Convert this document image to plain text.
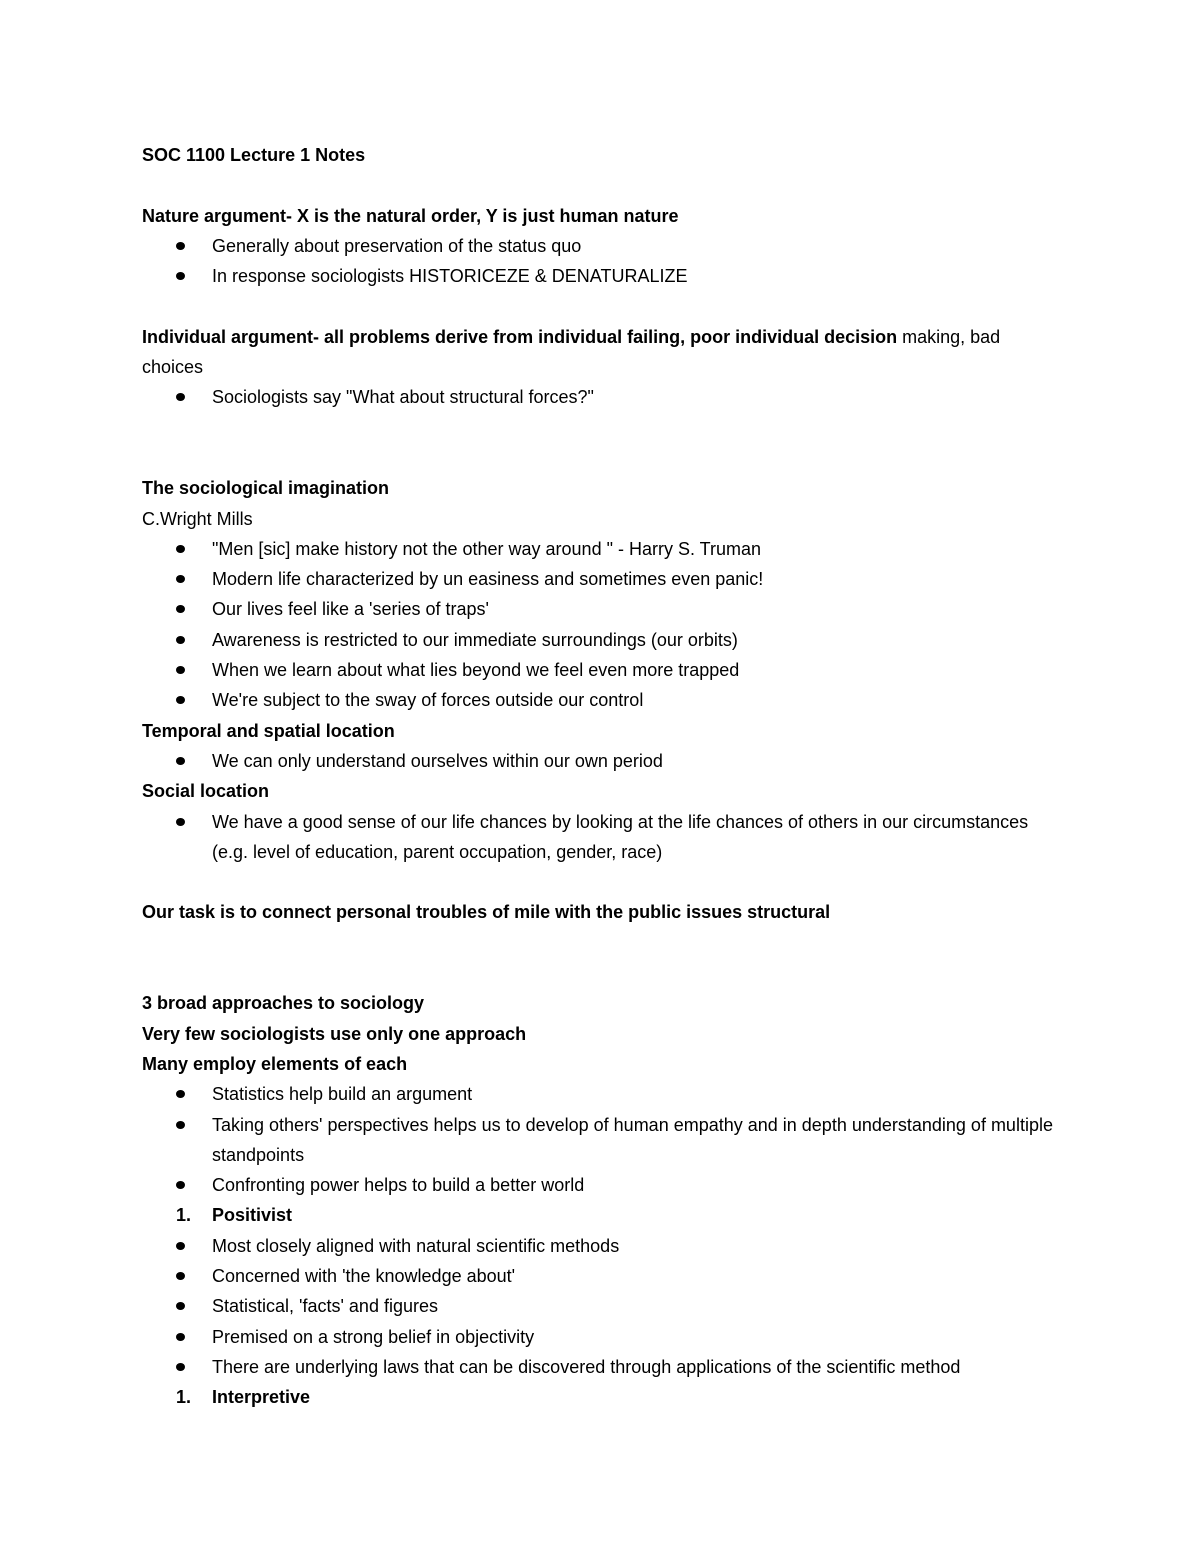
SOC 1100 Lecture 1 Notes

Nature argument- X is the natural order, Y is just human nature

Generally about preservation of the status quo
In response sociologists HISTORICEZE & DENATURALIZE

Individual argument- all problems derive from individual failing, poor individual decision making, bad choices

Sociologists say "What about structural forces?"

The sociological imagination

C.Wright Mills

"Men [sic] make history not the other way around " - Harry S. Truman
Modern life characterized by un easiness and sometimes even panic!
Our lives feel like a 'series of traps'
Awareness is restricted to our immediate surroundings (our orbits)
When we learn about what lies beyond we feel even more trapped
We're subject to the sway of forces outside our control

Temporal and spatial location

We can only understand ourselves within our own period

Social location

We have a good sense of our life chances by looking at the life chances of others in our circumstances (e.g. level of education, parent occupation, gender, race)

Our task is to connect personal troubles of mile with the public issues structural

3 broad approaches to sociology

Very few sociologists use only one approach

Many employ elements of each

Statistics help build an argument
Taking others' perspectives helps us to develop of human empathy and in depth understanding of multiple standpoints
Confronting power helps to build a better world
1. Positivist
Most closely aligned with natural scientific methods
Concerned with 'the knowledge about'
Statistical, 'facts' and figures
Premised on a strong belief in objectivity
There are underlying laws that can be discovered through applications of the scientific method
1. Interpretive
